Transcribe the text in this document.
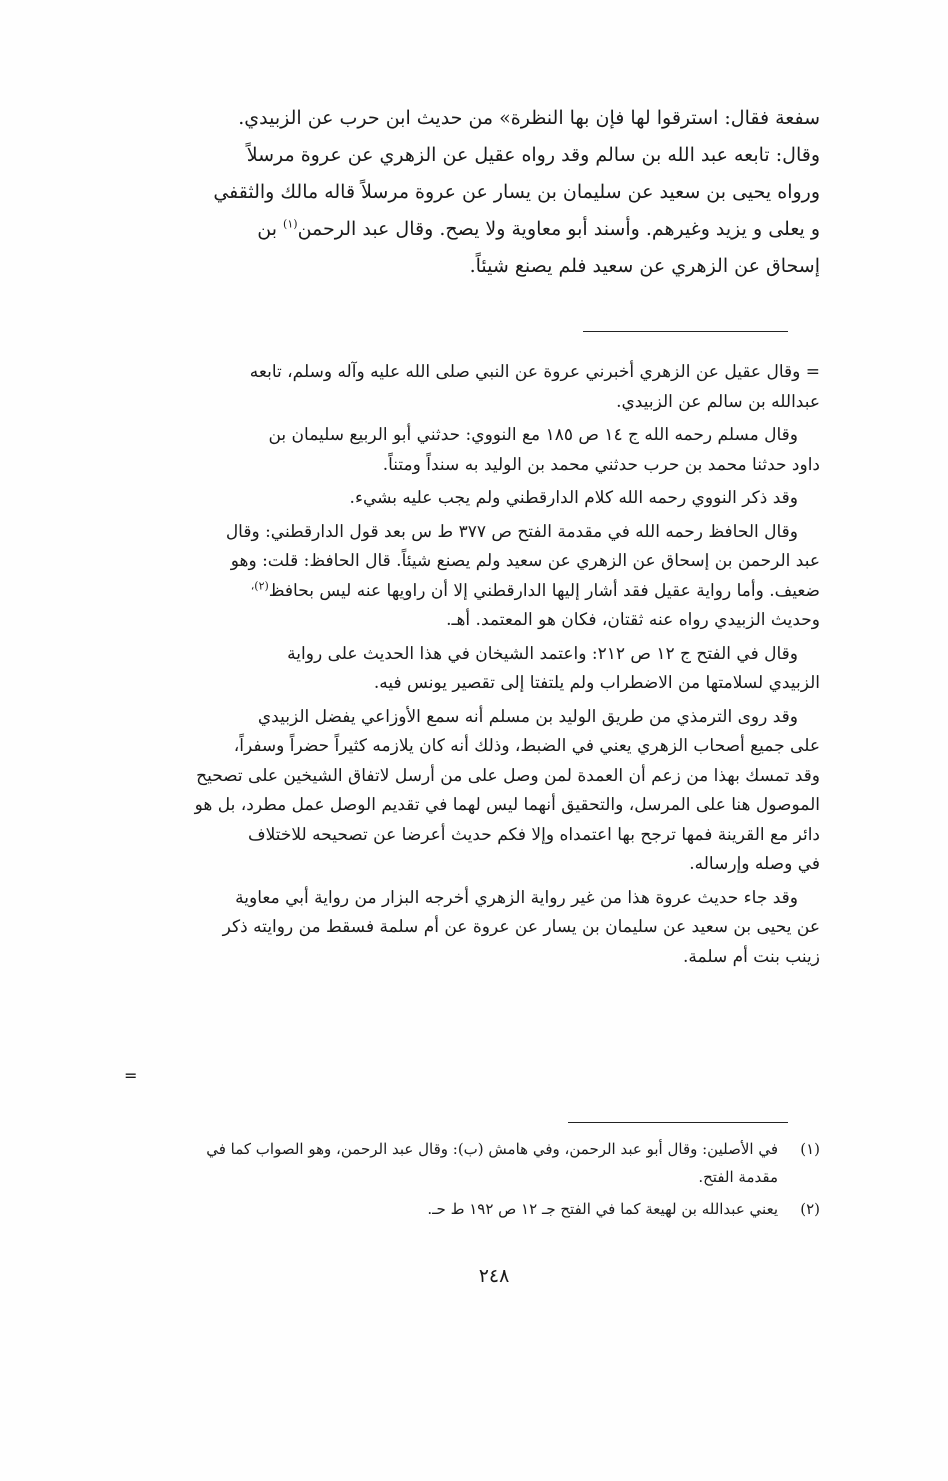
سفعة فقال: استرقوا لها فإن بها النظرة» من حديث ابن حرب عن الزبيدي.
وقال: تابعه عبد الله بن سالم وقد رواه عقيل عن الزهري عن عروة مرسلاً
ورواه يحيى بن سعيد عن سليمان بن يسار عن عروة مرسلاً قاله مالك والثقفي
و يعلى و يزيد وغيرهم. وأسند أبو معاوية ولا يصح. وقال عبد الرحمن$^{(١)}$ بن
إسحاق عن الزهري عن سعيد فلم يصنع شيئاً.
= وقال عقيل عن الزهري أخبرني عروة عن النبي صلى الله عليه وآله وسلم، تابعه
عبدالله بن سالم عن الزبيدي.
وقال مسلم رحمه الله ج ١٤ ص ١٨٥ مع النووي: حدثني أبو الربيع سليمان بن
داود حدثنا محمد بن حرب حدثني محمد بن الوليد به سنداً ومتناً.
وقد ذكر النووي رحمه الله كلام الدارقطني ولم يجب عليه بشيء.
وقال الحافظ رحمه الله في مقدمة الفتح ص ٣٧٧ ط س بعد قول الدارقطني: وقال
عبد الرحمن بن إسحاق عن الزهري عن سعيد ولم يصنع شيئاً. قال الحافظ: قلت: وهو
ضعيف. وأما رواية عقيل فقد أشار إليها الدارقطني إلا أن راويها عنه ليس بحافظ$^{(٢)،}$
وحديث الزبيدي رواه عنه ثقتان، فكان هو المعتمد. أهـ.
وقال في الفتح ج ١٢ ص ٢١٢: واعتمد الشيخان في هذا الحديث على رواية
الزبيدي لسلامتها من الاضطراب ولم يلتفتا إلى تقصير يونس فيه.
وقد روى الترمذي من طريق الوليد بن مسلم أنه سمع الأوزاعي يفضل الزبيدي
على جميع أصحاب الزهري يعني في الضبط، وذلك أنه كان يلازمه كثيراً حضراً وسفراً،
وقد تمسك بهذا من زعم أن العمدة لمن وصل على من أرسل لاتفاق الشيخين على تصحيح
الموصول هنا على المرسل، والتحقيق أنهما ليس لهما في تقديم الوصل عمل مطرد، بل هو
دائر مع القرينة فمها ترجح بها اعتمداه وإلا فكم حديث أعرضا عن تصحيحه للاختلاف
في وصله وإرساله.
وقد جاء حديث عروة هذا من غير رواية الزهري أخرجه البزار من رواية أبي معاوية
عن يحيى بن سعيد عن سليمان بن يسار عن عروة عن أم سلمة فسقط من روايته ذكر
زينب بنت أم سلمة.
=
(١)
في الأصلين: وقال أبو عبد الرحمن، وفي هامش (ب): وقال عبد الرحمن، وهو الصواب كما في
مقدمة الفتح.
(٢)
يعني عبدالله بن لهيعة كما في الفتح جـ ١٢ ص ١٩٢ ط حـ.
٢٤٨
